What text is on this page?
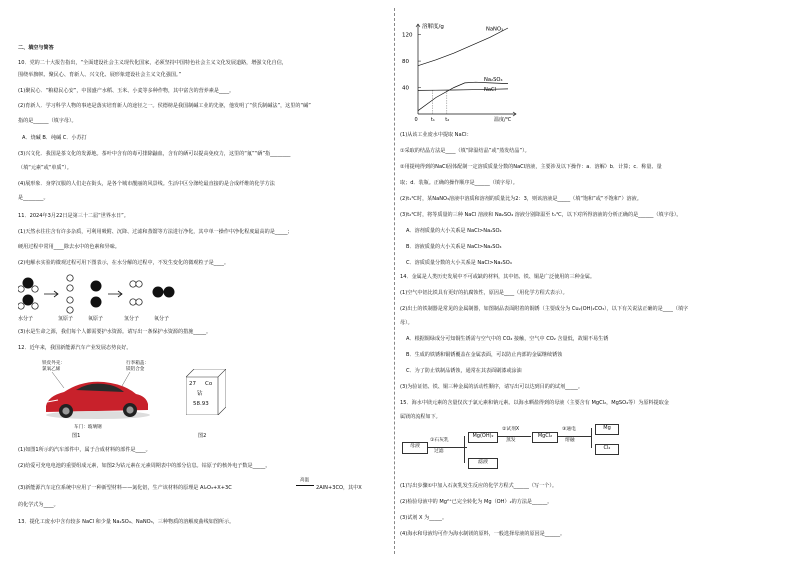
二、填空与简答
10．党的二十大报告指出，“全面建设社会主义现代化国家，必须坚持中国特色社会主义文化发展道路，增强文化自信，
围绕举旗帜、聚民心、育新人、兴文化、展形象建设社会主义文化强国。”
(1)聚民心．“粮稳民心安”，中国盛产水稻、玉米、小麦等多种作物，其中富含的营养素是____。
(2)育新人．学习科学人物的事迹是落实培育新人的途径之一。侯德榜是我国制碱工业的先驱，他发明了“侯氏制碱法”，这里的“碱”
指的是______（填字母）。
A．烧碱 B．纯碱 C．小苏打
(3)兴文化．我国是茶文化的发源地。茶叶中含有的毒可排除鼬血，含有的硒可以提高免疫力，这里的“氟”“硒”指________
（填“元素”或“单质”）。
(4)展形象．身穿汉服的人们走在街头，是各个城市靓丽的风景线。生活中区分涤纶最直接的是合成纤维的化学方法
是________。
11．2024年3月22日是第三十二届“世界水日”。
(1)天然水往往含有许多杂质，可利用吸附、沉降、过滤和蒸馏等方法进行净化，其中单一操作中净化程度最高的是_____；
硬用过程中常用____除去水中的色素和异味。
(2)电解水实验的微观过程可用下图表示，在水分解的过程中，不发生变化的微观粒子是____。
水分子	氢原子	氧原子	氢分子	氧分子
(3)水是生命之源，我们每个人都需要护水资源。请写出一条保护水资源的措施_____。
12．近年来，我国新能源汽车产业发展态势良好。
铁皮外壳：
氯氧乙烯
行李箱盖：
镁铝合金
车门：玻璃钢
27 Co
钴
58.93
图1	图2
(1)如图1所示的汽车部件中，属于合成材料的部件是____。
(2)给爱可充电电池的重要组成元素，如图2为钴元素在元素周期表中的部分信息。钴原子的核外电子数是_____。
(3)新能源汽车定位系统中应用了一种新型材料——氮化铝，生产该材料的原理是 Al₂O₃+X+3C
高温
2AlN+3CO，其中X
的化学式为____。
13．提化工废水中含有较多 NaCl 和少量 Na₂SO₄、NaNO₃，三种物质的溶解度曲线如图所示。
40
80
120
0	t₁ t₂
溶解度/g
温度/℃
NaNO₃
Na₂SO₄
NaCl
(1)从该工业废水中提取 NaCl：
①采取的结晶方法是____（填“降温结晶”或“蒸发结晶”）。
②用提纯得到的NaCl固体配制一定溶质质量分数的NaCl溶液，主要涉及以下操作：a．溶解）b．计算；c．称量、量
取；d．装瓶。正确的操作顺序是______（填字母）。
(2)t₁℃时，某NaNO₃溶液中溶质和溶剂的质量比为2：3，则该溶液是_____（填“饱和”或“不饱和”）溶液。
(3)t₂℃时，将等质量的三种 NaCl 溶液和 Na₂SO₄ 溶液分别降温至 t₁℃，以下对所得溶液的分析正确的是______（填字母）。
A．溶剂质量的大小关系是 NaCl>Na₂SO₄
B．溶液质量的大小关系是 NaCl>Na₂SO₄
C．溶质质量分数的大小关系是 NaCl>Na₂SO₄
14．金属是人类历史发展中不可或缺的材料，其中铝、铁、铜是广泛使用的三种金属。
(1)空气中铝比铁具有更好的抗腐蚀性，原因是____（用化学方程式表示）。
(2)出土的铁制器是常见的金属制器，如图制品表面附着的铜锈（主要成分为 Cu₂(OH)₂CO₃），以下有关说法正确的是____（填字
母）。
A．根据铜绿成分可知铜生锈需与空气中的 CO₂ 接触，空气中 CO₂ 含量低，故铜不易生锈
B．生成的铁锈和铜锈覆盖在金属表面，可以防止内部的金属继续锈蚀
C．为了防止铁制品锈蚀，通常在其表面刷漆或涂油
(3)为验证铝、铁、铜三种金属的活动性顺序，请写出可以达到目的的试剂_____。
15．海水中镁元素的含量仅次于氯元素和钠元素。以海水晒盐得到的母液（主要含有 MgCl₂，MgSO₄等）为原料提取金
属镁的流程如下。
母液
①石灰乳
过滤
Mg(OH)₂
滤液
②试剂X
蒸发
MgCl₂
③通电
熔融
Mg
Cl₂
(1)写出步骤①中加入石灰乳发生反应的化学方程式______（写一个）。
(2)检验母液中的 Mg²⁺已完全转化为 Mg（OH）₂的方法是______。
(3)试剂 X 为_____。
(4)海水和母液均可作为海水制镁的原料，一般选择母液的原因是______。
